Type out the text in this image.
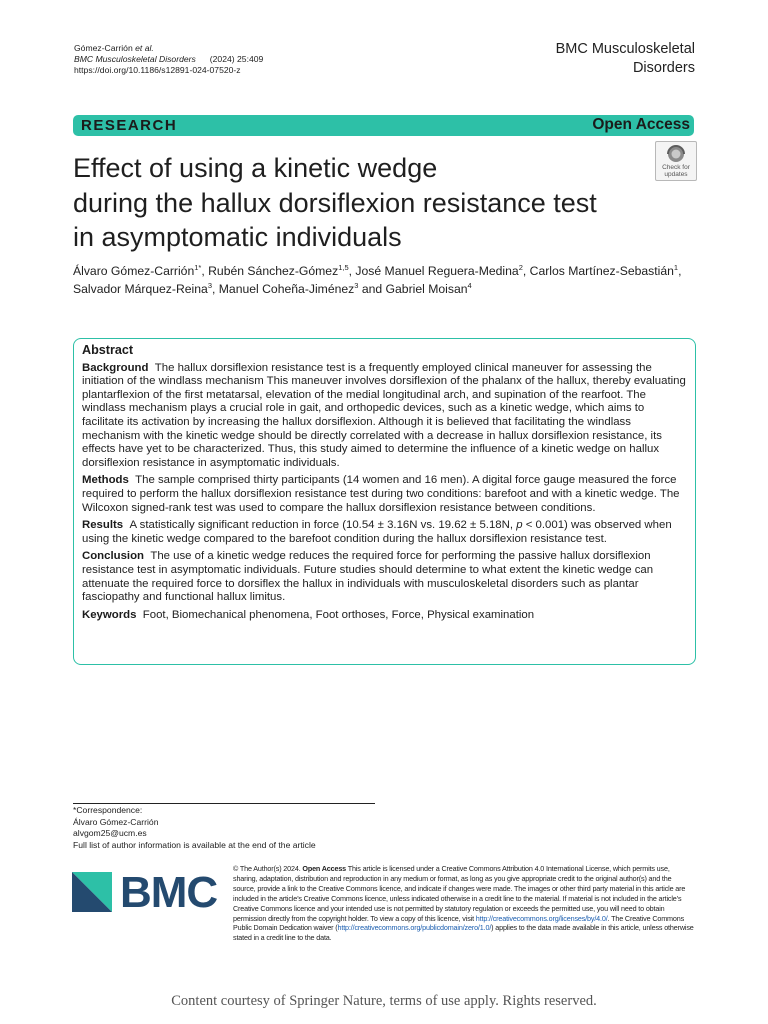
Gómez‑Carrión et al.
BMC Musculoskeletal Disorders (2024) 25:409
https://doi.org/10.1186/s12891-024-07520-z
BMC Musculoskeletal
Disorders
RESEARCH	Open Access
Effect of using a kinetic wedge
during the hallux dorsiflexion resistance test
in asymptomatic individuals
Check for
updates
Álvaro Gómez‑Carrión$^{1*}$, Rubén Sánchez‑Gómez$^{1,5}$, José Manuel Reguera‑Medina$^2$, Carlos Martínez‑Sebastián$^1$, Salvador Márquez‑Reina$^3$, Manuel Coheña‑Jiménez$^3$ and Gabriel Moisan$^4$
Abstract

Background The hallux dorsiflexion resistance test is a frequently employed clinical maneuver for assessing the initiation of the windlass mechanism This maneuver involves dorsiflexion of the phalanx of the hallux, thereby evaluating plantarflexion of the first metatarsal, elevation of the medial longitudinal arch, and supination of the rearfoot. The windlass mechanism plays a crucial role in gait, and orthopedic devices, such as a kinetic wedge, which aims to facilitate its activation by increasing the hallux dorsiflexion. Although it is believed that facilitating the windlass mechanism with the kinetic wedge should be directly correlated with a decrease in hallux dorsiflexion resistance, its effects have yet to be characterized. Thus, this study aimed to determine the influence of a kinetic wedge on hallux dorsiflexion resistance in asymptomatic individuals.

Methods The sample comprised thirty participants (14 women and 16 men). A digital force gauge measured the force required to perform the hallux dorsiflexion resistance test during two conditions: barefoot and with a kinetic wedge. The Wilcoxon signed-rank test was used to compare the hallux dorsiflexion resistance between conditions.

Results A statistically significant reduction in force (10.54 ± 3.16N vs. 19.62 ± 5.18N, p < 0.001) was observed when using the kinetic wedge compared to the barefoot condition during the hallux dorsiflexion resistance test.

Conclusion The use of a kinetic wedge reduces the required force for performing the passive hallux dorsiflexion resistance test in asymptomatic individuals. Future studies should determine to what extent the kinetic wedge can attenuate the required force to dorsiflex the hallux in individuals with musculoskeletal disorders such as plantar fasciopathy and functional hallux limitus.

Keywords Foot, Biomechanical phenomena, Foot orthoses, Force, Physical examination

*Correspondence:
Álvaro Gómez‑Carrión
alvgom25@ucm.es
Full list of author information is available at the end of the article
BMC © The Author(s) 2024. Open Access This article is licensed under a Creative Commons Attribution 4.0 International License, which permits use, sharing, adaptation, distribution and reproduction in any medium or format, as long as you give appropriate credit to the original author(s) and the source, provide a link to the Creative Commons licence, and indicate if changes were made. The images or other third party material in this article are included in the article’s Creative Commons licence, unless indicated otherwise in a credit line to the material. If material is not included in the article’s Creative Commons licence and your intended use is not permitted by statutory regulation or exceeds the permitted use, you will need to obtain permission directly from the copyright holder. To view a copy of this licence, visit http://creativecommons.org/licenses/by/4.0/. The Creative Commons Public Domain Dedication waiver (http://creativecommons.org/publicdomain/zero/1.0/) applies to the data made available in this article, unless otherwise stated in a credit line to the data.
Content courtesy of Springer Nature, terms of use apply. Rights reserved.
